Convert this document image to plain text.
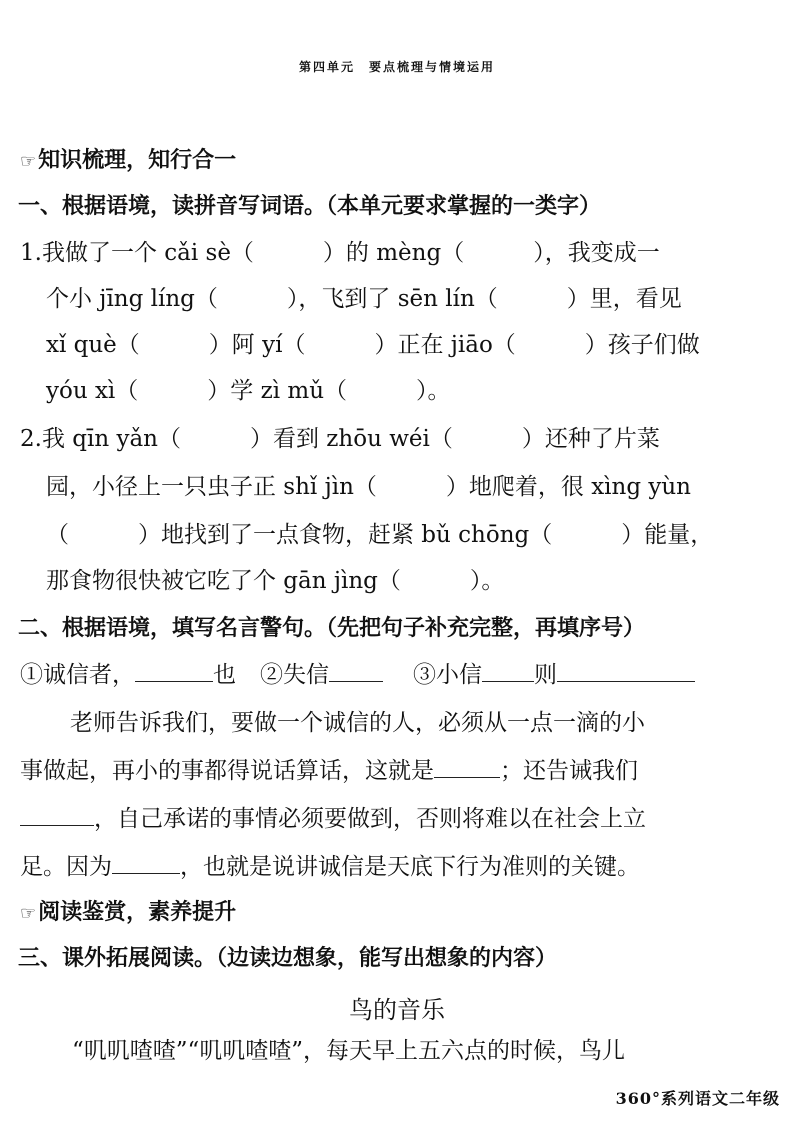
第四单元　要点梳理与情境运用
☞知识梳理，知行合一
一、根据语境，读拼音写词语。（本单元要求掌握的一类字）
1.我做了一个 cǎi sè（　　　）的 mèng（　　　），我变成一
个小 jīng líng（　　　），飞到了 sēn lín（　　　）里，看见
xǐ què（　　　）阿 yí（　　　）正在 jiāo（　　　）孩子们做
yóu xì（　　　）学 zì mǔ（　　　）。
2.我 qīn yǎn（　　　）看到 zhōu wéi（　　　）还种了片菜
园，小径上一只虫子正 shǐ jìn（　　　）地爬着，很 xìng yùn
（　　　）地找到了一点食物，赶紧 bǔ chōng（　　　）能量，
那食物很快被它吃了个 gān jìng（　　　）。
二、根据语境，填写名言警句。（先把句子补充完整，再填序号）
①诚信者，	也 ②失信	③小信 则
老师告诉我们，要做一个诚信的人，必须从一点一滴的小
事做起，再小的事都得说话算话，这就是	；还告诫我们
，自己承诺的事情必须要做到，否则将难以在社会上立
足。因为	，也就是说讲诚信是天底下行为准则的关键。
☞阅读鉴赏，素养提升
三、课外拓展阅读。（边读边想象，能写出想象的内容）
鸟的音乐
“叽叽喳喳”“叽叽喳喳”，每天早上五六点的时候，鸟儿
360°系列语文二年级
